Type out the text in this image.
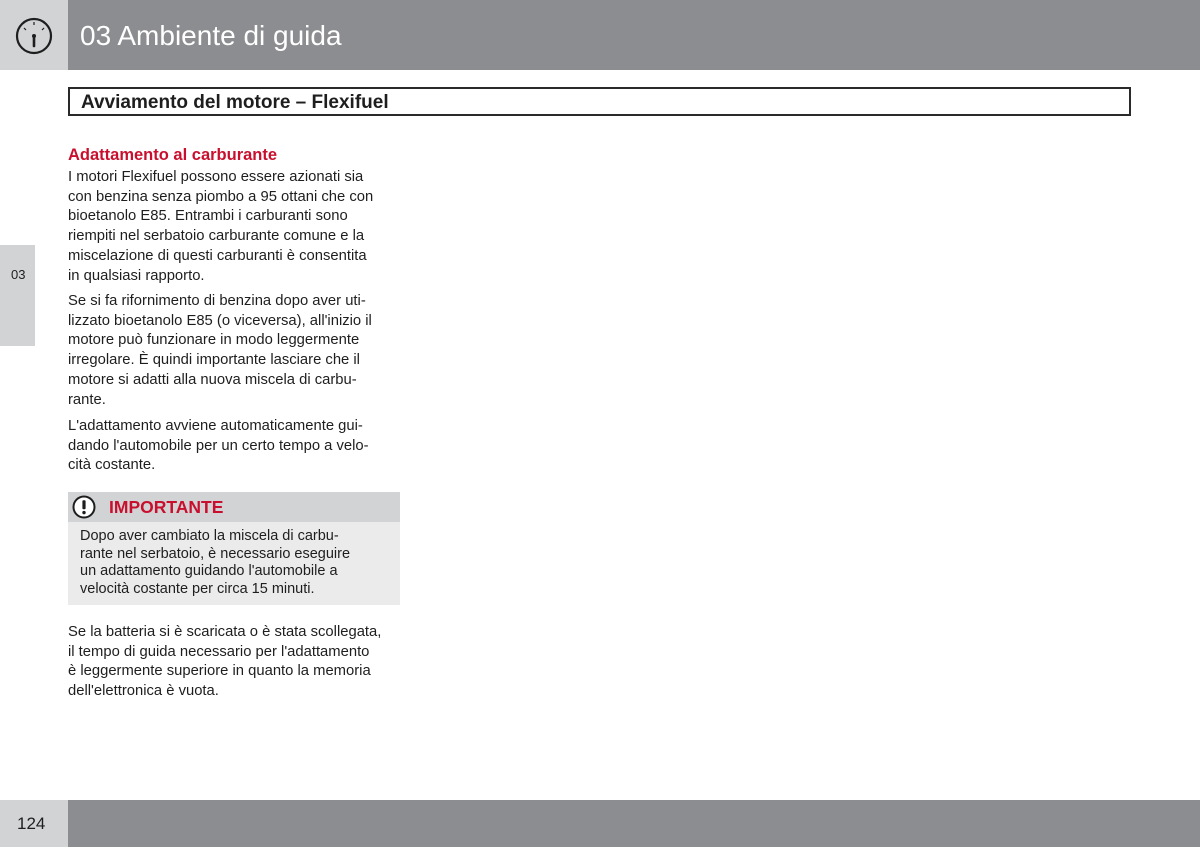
03 Ambiente di guida
Avviamento del motore – Flexifuel
03
Adattamento al carburante
I motori Flexifuel possono essere azionati sia
con benzina senza piombo a 95 ottani che con
bioetanolo E85. Entrambi i carburanti sono
riempiti nel serbatoio carburante comune e la
miscelazione di questi carburanti è consentita
in qualsiasi rapporto.
Se si fa rifornimento di benzina dopo aver uti-
lizzato bioetanolo E85 (o viceversa), all'inizio il
motore può funzionare in modo leggermente
irregolare. È quindi importante lasciare che il
motore si adatti alla nuova miscela di carbu-
rante.
L'adattamento avviene automaticamente gui-
dando l'automobile per un certo tempo a velo-
cità costante.
IMPORTANTE
Dopo aver cambiato la miscela di carbu-
rante nel serbatoio, è necessario eseguire
un adattamento guidando l'automobile a
velocità costante per circa 15 minuti.
Se la batteria si è scaricata o è stata scollegata,
il tempo di guida necessario per l'adattamento
è leggermente superiore in quanto la memoria
dell'elettronica è vuota.
124
